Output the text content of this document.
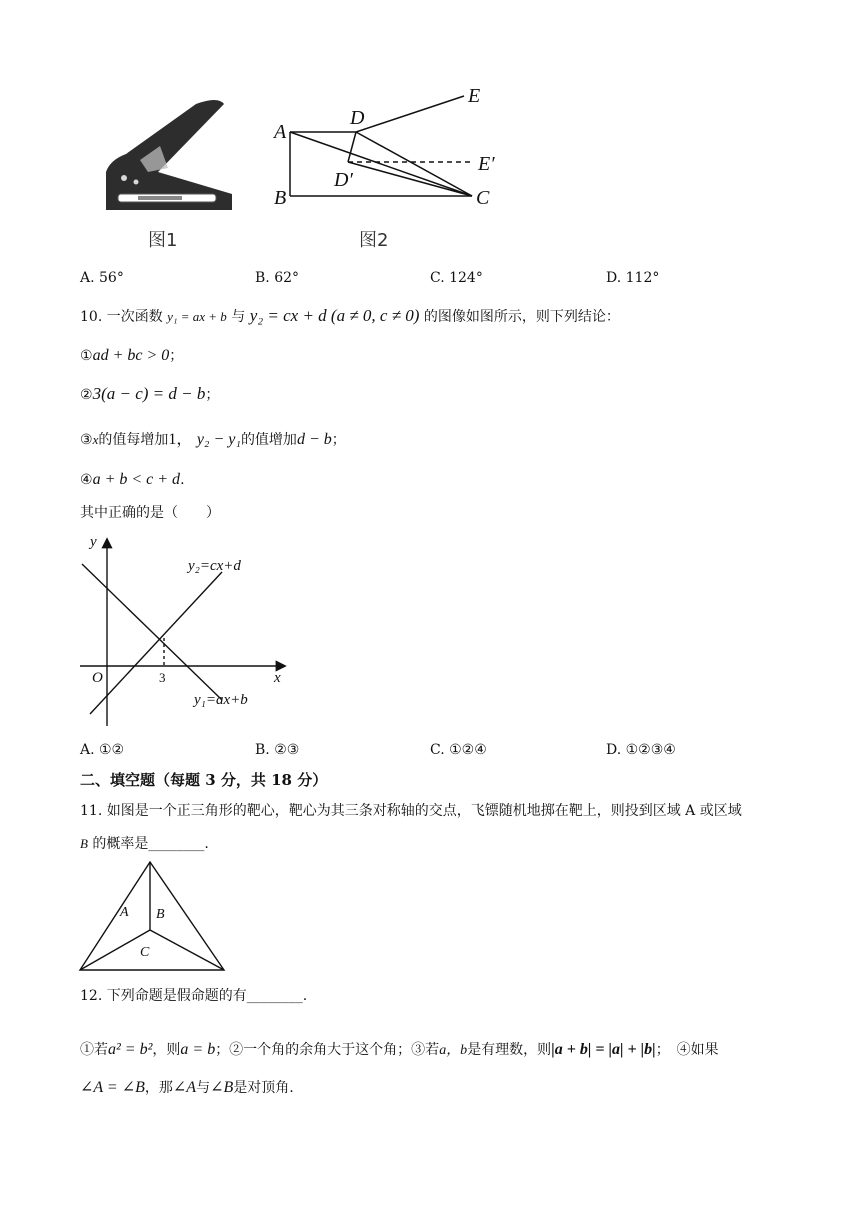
A
B	C
D
D′
E
E′
图1	图2
A. 56°	B. 62°	C. 124°	D. 112°
10. 一次函数 y₁ = ax + b 与 y₂ = cx + d (a ≠ 0, c ≠ 0) 的图像如图所示，则下列结论：
①ad + bc > 0；
②3(a − c) = d − b；
③x的值每增加1， y₂ − y₁的值增加d − b；
④a + b < c + d.
其中正确的是（　　）
y
x
O
y₂=cx+d
y₁=ax+b
3
A. ①②	B. ②③	C. ①②④	D. ①②③④
二、填空题（每题 3 分，共 18 分）
11. 如图是一个正三角形的靶心，靶心为其三条对称轴的交点，飞镖随机地掷在靶上，则投到区域 A 或区域
B 的概率是________.
A B
C
12. 下列命题是假命题的有________.
①若a² = b²，则a = b；②一个角的余角大于这个角；③若a，b是有理数，则|a + b| = |a| + |b|；　④如果
∠A = ∠B，那∠A与∠B是对顶角.
